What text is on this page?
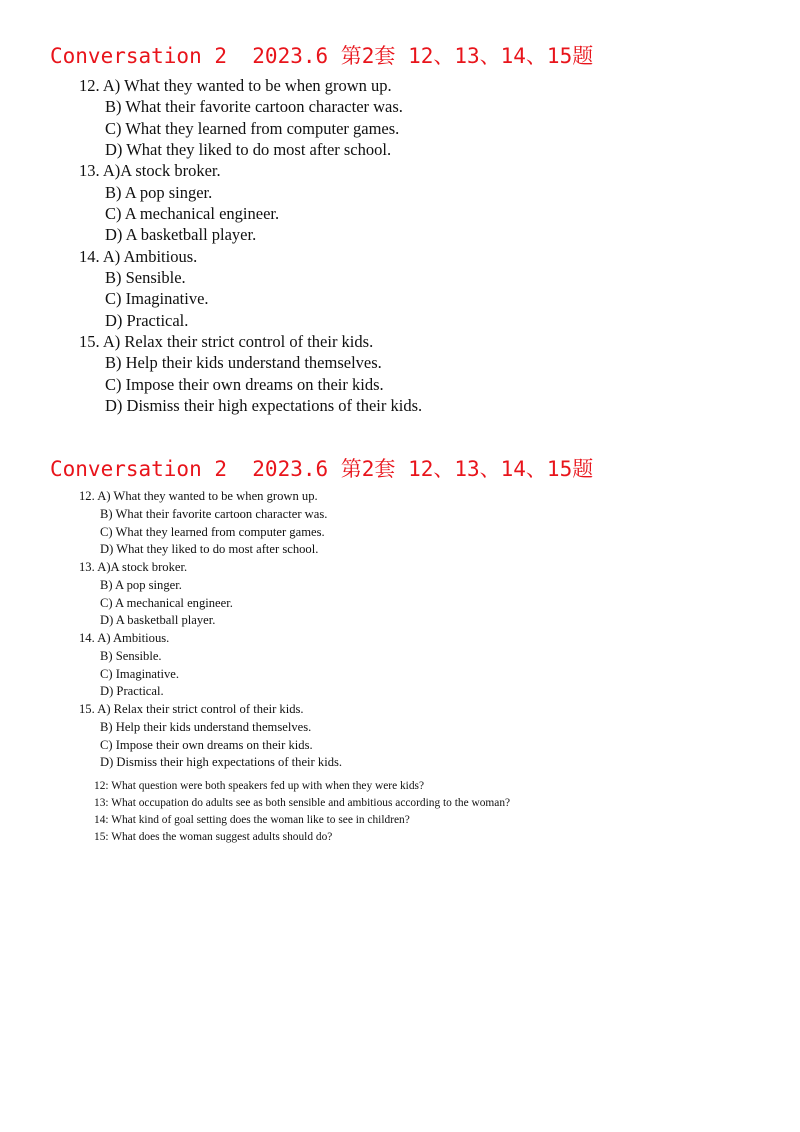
Conversation 2  2023.6 第2套 12、13、14、15题
12. A) What they wanted to be when grown up.
B) What their favorite cartoon character was.
C) What they learned from computer games.
D) What they liked to do most after school.
13. A)A stock broker.
B) A pop singer.
C) A mechanical engineer.
D) A basketball player.
14. A) Ambitious.
B) Sensible.
C) Imaginative.
D) Practical.
15. A) Relax their strict control of their kids.
B) Help their kids understand themselves.
C) Impose their own dreams on their kids.
D) Dismiss their high expectations of their kids.
Conversation 2  2023.6 第2套 12、13、14、15题
12. A) What they wanted to be when grown up.
B) What their favorite cartoon character was.
C) What they learned from computer games.
D) What they liked to do most after school.
13. A)A stock broker.
B) A pop singer.
C) A mechanical engineer.
D) A basketball player.
14. A) Ambitious.
B) Sensible.
C) Imaginative.
D) Practical.
15. A) Relax their strict control of their kids.
B) Help their kids understand themselves.
C) Impose their own dreams on their kids.
D) Dismiss their high expectations of their kids.
12: What question were both speakers fed up with when they were kids?
13: What occupation do adults see as both sensible and ambitious according to the woman?
14: What kind of goal setting does the woman like to see in children?
15: What does the woman suggest adults should do?
